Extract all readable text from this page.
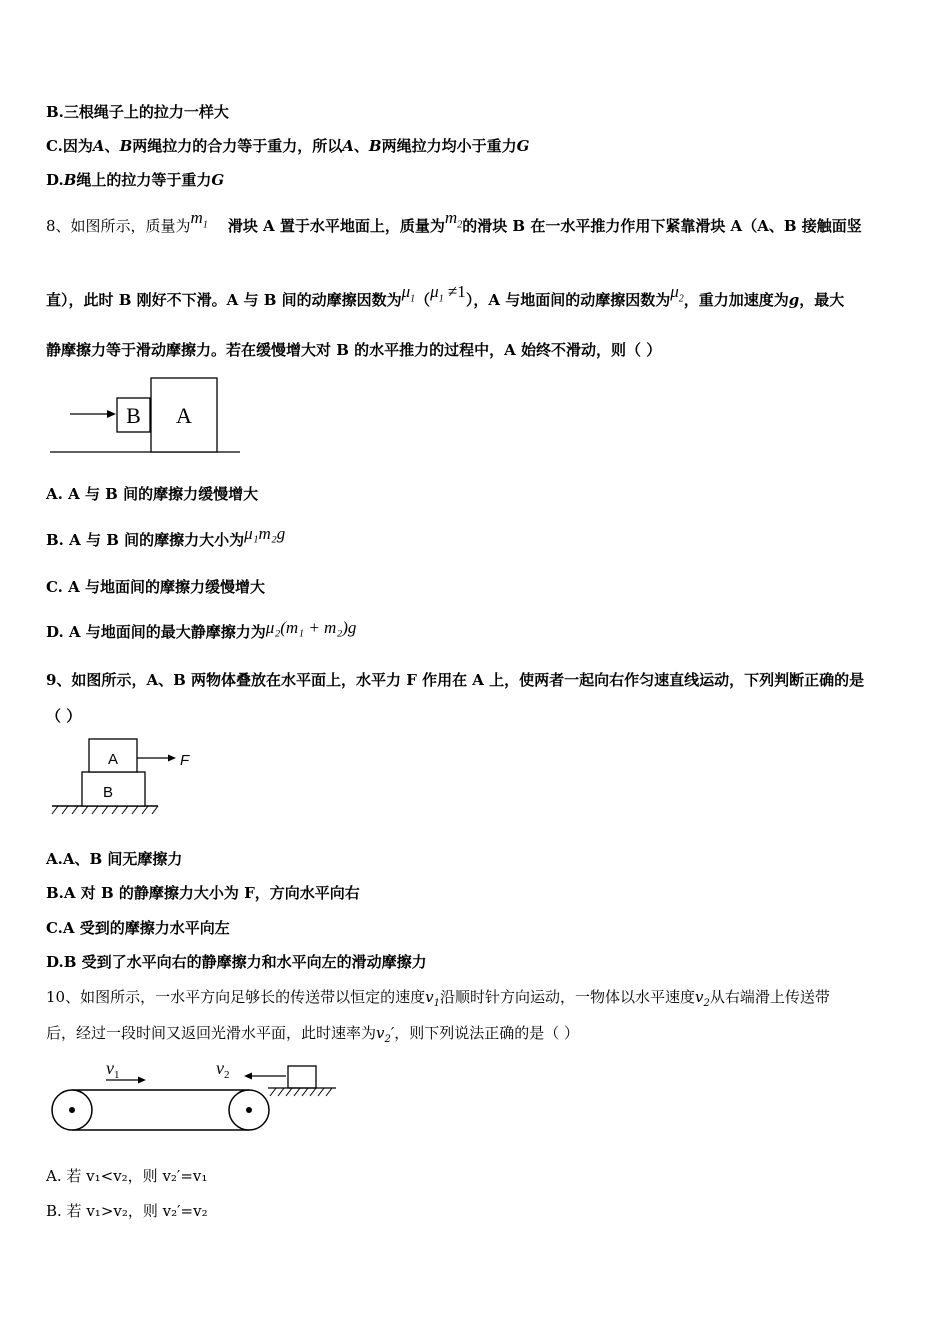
B.三根绳子上的拉力一样大
C.因为A、B两绳拉力的合力等于重力，所以A、B两绳拉力均小于重力G
D.B绳上的拉力等于重力G
8、如图所示，质量为$m_1$ 滑块 A 置于水平地面上，质量为$m_2$的滑块 B 在一水平推力作用下紧靠滑块 A（A、B 接触面竖
直），此时 B 刚好不下滑。A 与 B 间的动摩擦因数为$\mu_1(\mu_1 \ne 1)$，A 与地面间的动摩擦因数为$\mu_2$，重力加速度为g，最大
静摩擦力等于滑动摩擦力。若在缓慢增大对 B 的水平推力的过程中，A 始终不滑动，则（ ）
B A
A. A 与 B 间的摩擦力缓慢增大
B. A 与 B 间的摩擦力大小为μ₁m₂g
C. A 与地面间的摩擦力缓慢增大
D. A 与地面间的最大静摩擦力为μ₂(m₁ + m₂)g
9、如图所示，A、B 两物体叠放在水平面上，水平力 F 作用在 A 上，使两者一起向右作匀速直线运动，下列判断正确的是
（ ）
A
B
F
A.A、B 间无摩擦力
B.A 对 B 的静摩擦力大小为 F，方向水平向右
C.A 受到的摩擦力水平向左
D.B 受到了水平向右的静摩擦力和水平向左的滑动摩擦力
10、如图所示，一水平方向足够长的传送带以恒定的速度$v_1$沿顺时针方向运动，一物体以水平速度$v_2$从右端滑上传送带
后，经过一段时间又返回光滑水平面，此时速率为$v_2'$，则下列说法正确的是（ ）
$v_1$	$v_2$
A. 若 v₁<v₂，则 v₂′=v₁
B. 若 v₁>v₂，则 v₂′=v₂
